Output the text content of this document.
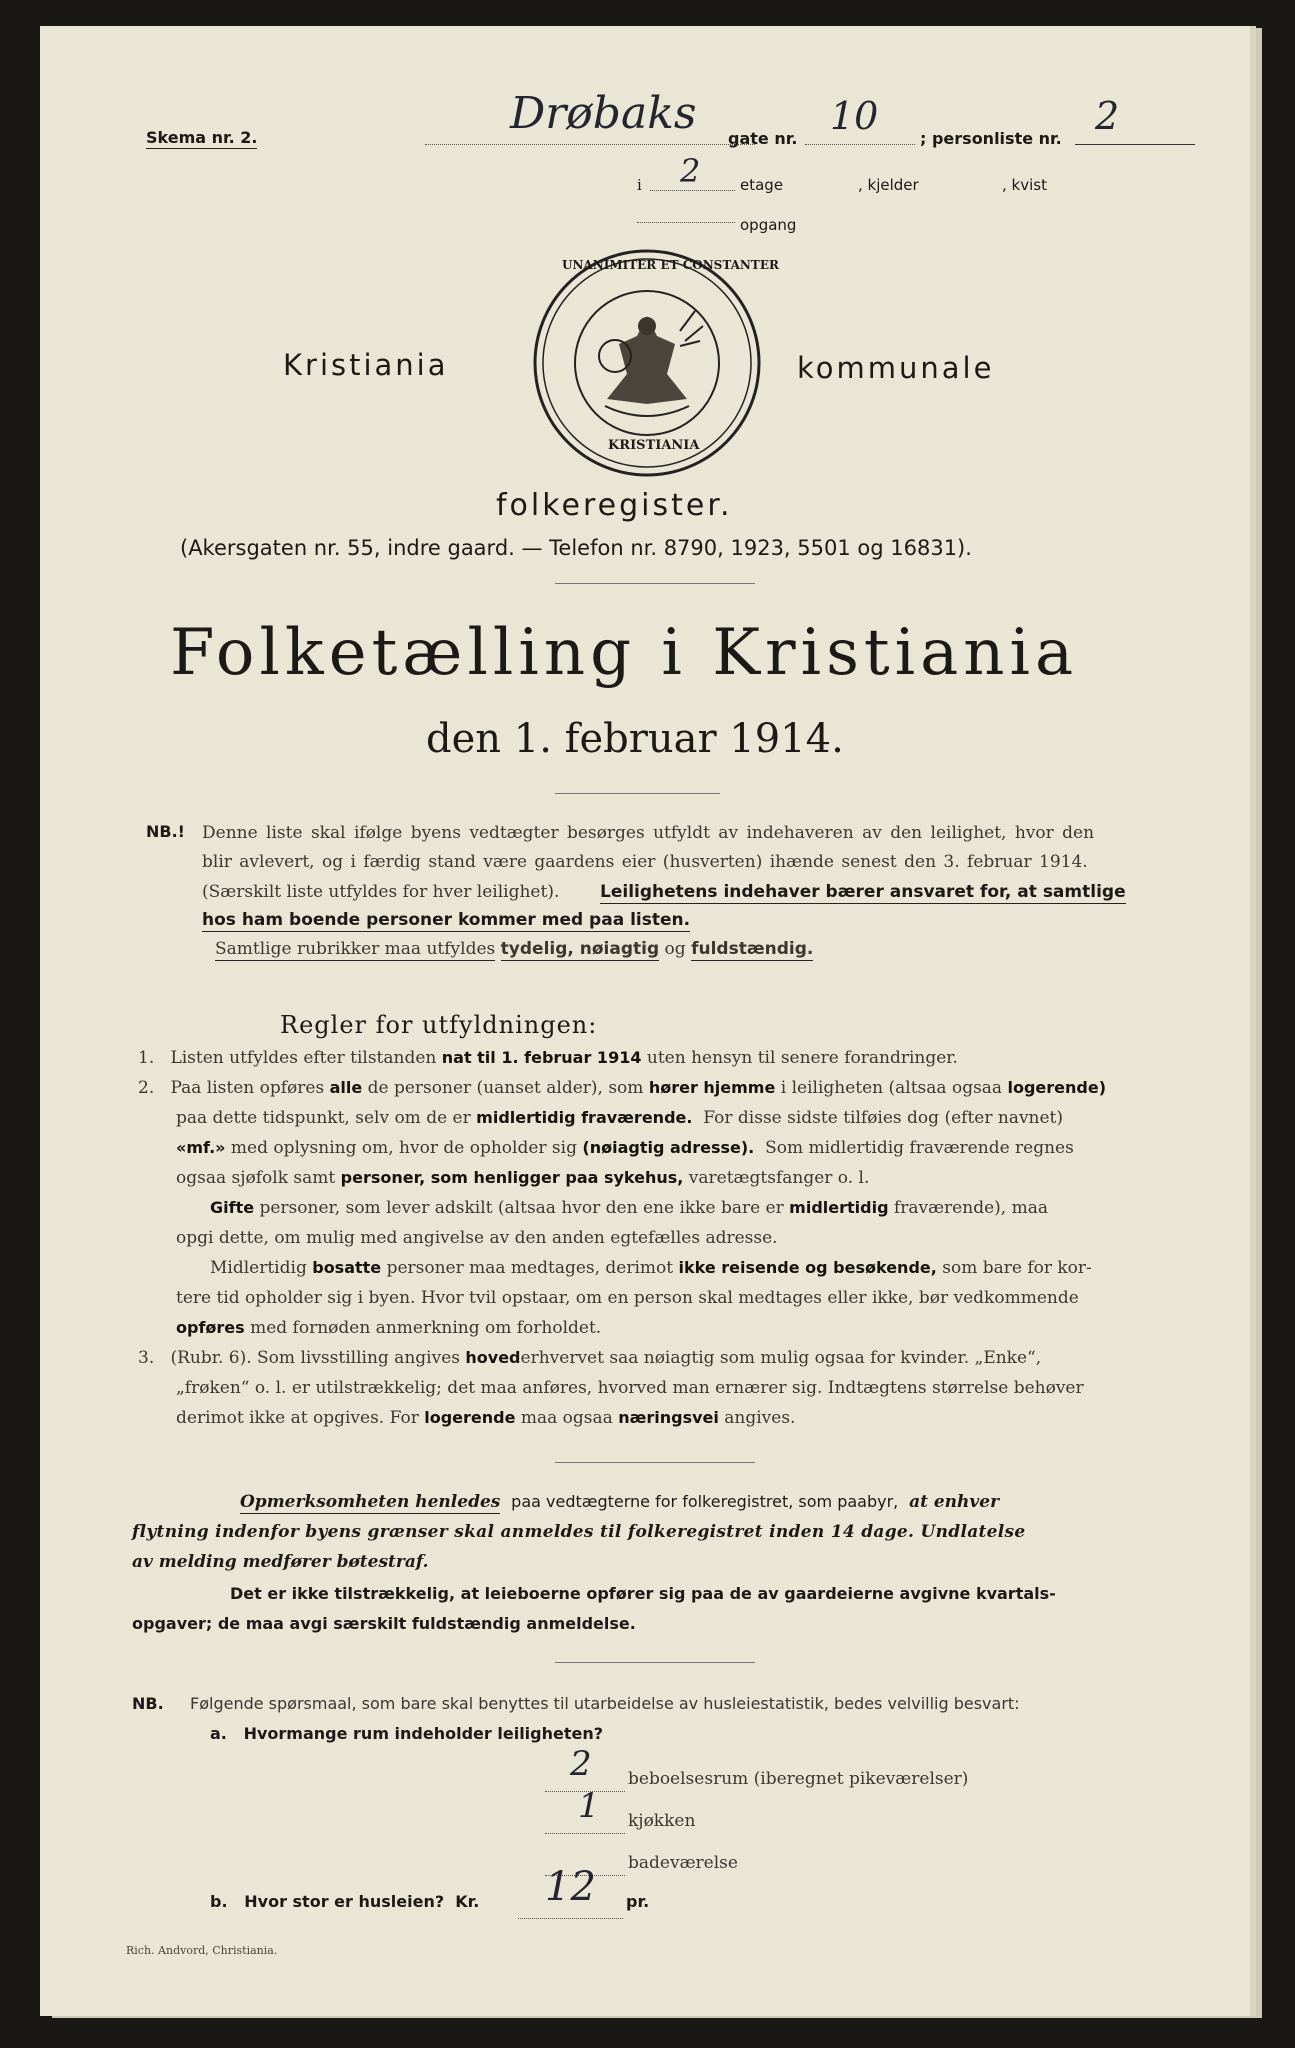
Skema nr. 2.	Drøbaks gate nr.
10
; personliste nr.
2
i 2	etage	, kjelder	, kvist
opgang
UNANIMITER ET CONSTANTER
KRISTIANIA
Kristiania	kommunale
folkeregister.
(Akersgaten nr. 55, indre gaard. — Telefon nr. 8790, 1923, 5501 og 16831).
Folketælling i Kristiania
den 1. februar 1914.
NB.! Denne liste skal ifølge byens vedtægter besørges utfyldt av indehaveren av den leilighet, hvor den
blir avlevert, og i færdig stand være gaardens eier (husverten) ihænde senest den 3. februar 1914.
(Særskilt liste utfyldes for hver leilighet). Leilighetens indehaver bærer ansvaret for, at samtlige
hos ham boende personer kommer med paa listen.
Samtlige rubrikker maa utfyldes tydelig, nøiagtig og fuldstændig.
Regler for utfyldningen:
1. Listen utfyldes efter tilstanden nat til 1. februar 1914 uten hensyn til senere forandringer.
2. Paa listen opføres alle de personer (uanset alder), som hører hjemme i leiligheten (altsaa ogsaa logerende)
paa dette tidspunkt, selv om de er midlertidig fraværende. For disse sidste tilføies dog (efter navnet)
«mf.» med oplysning om, hvor de opholder sig (nøiagtig adresse). Som midlertidig fraværende regnes
ogsaa sjøfolk samt personer, som henligger paa sykehus, varetægtsfanger o. l.
Gifte personer, som lever adskilt (altsaa hvor den ene ikke bare er midlertidig fraværende), maa
opgi dette, om mulig med angivelse av den anden egtefælles adresse.
Midlertidig bosatte personer maa medtages, derimot ikke reisende og besøkende, som bare for kor-
tere tid opholder sig i byen. Hvor tvil opstaar, om en person skal medtages eller ikke, bør vedkommende
opføres med fornøden anmerkning om forholdet.
3. (Rubr. 6). Som livsstilling angives hovederhvervet saa nøiagtig som mulig ogsaa for kvinder. „Enke“,
„frøken“ o. l. er utilstrækkelig; det maa anføres, hvorved man ernærer sig. Indtægtens størrelse behøver
derimot ikke at opgives. For logerende maa ogsaa næringsvei angives.
Opmerksomheten henledes paa vedtægterne for folkeregistret, som paabyr, at enhver
flytning indenfor byens grænser skal anmeldes til folkeregistret inden 14 dage. Undlatelse
av melding medfører bøtestraf.
Det er ikke tilstrækkelig, at leieboerne opfører sig paa de av gaardeierne avgivne kvartals-
opgaver; de maa avgi særskilt fuldstændig anmeldelse.
NB. Følgende spørsmaal, som bare skal benyttes til utarbeidelse av husleiestatistik, bedes velvillig besvart:
a. Hvormange rum indeholder leiligheten?
2 beboelsesrum (iberegnet pikeværelser)
1 kjøkken
badeværelse
b. Hvor stor er husleien? Kr. 12 pr.
Rich. Andvord, Christiania.
